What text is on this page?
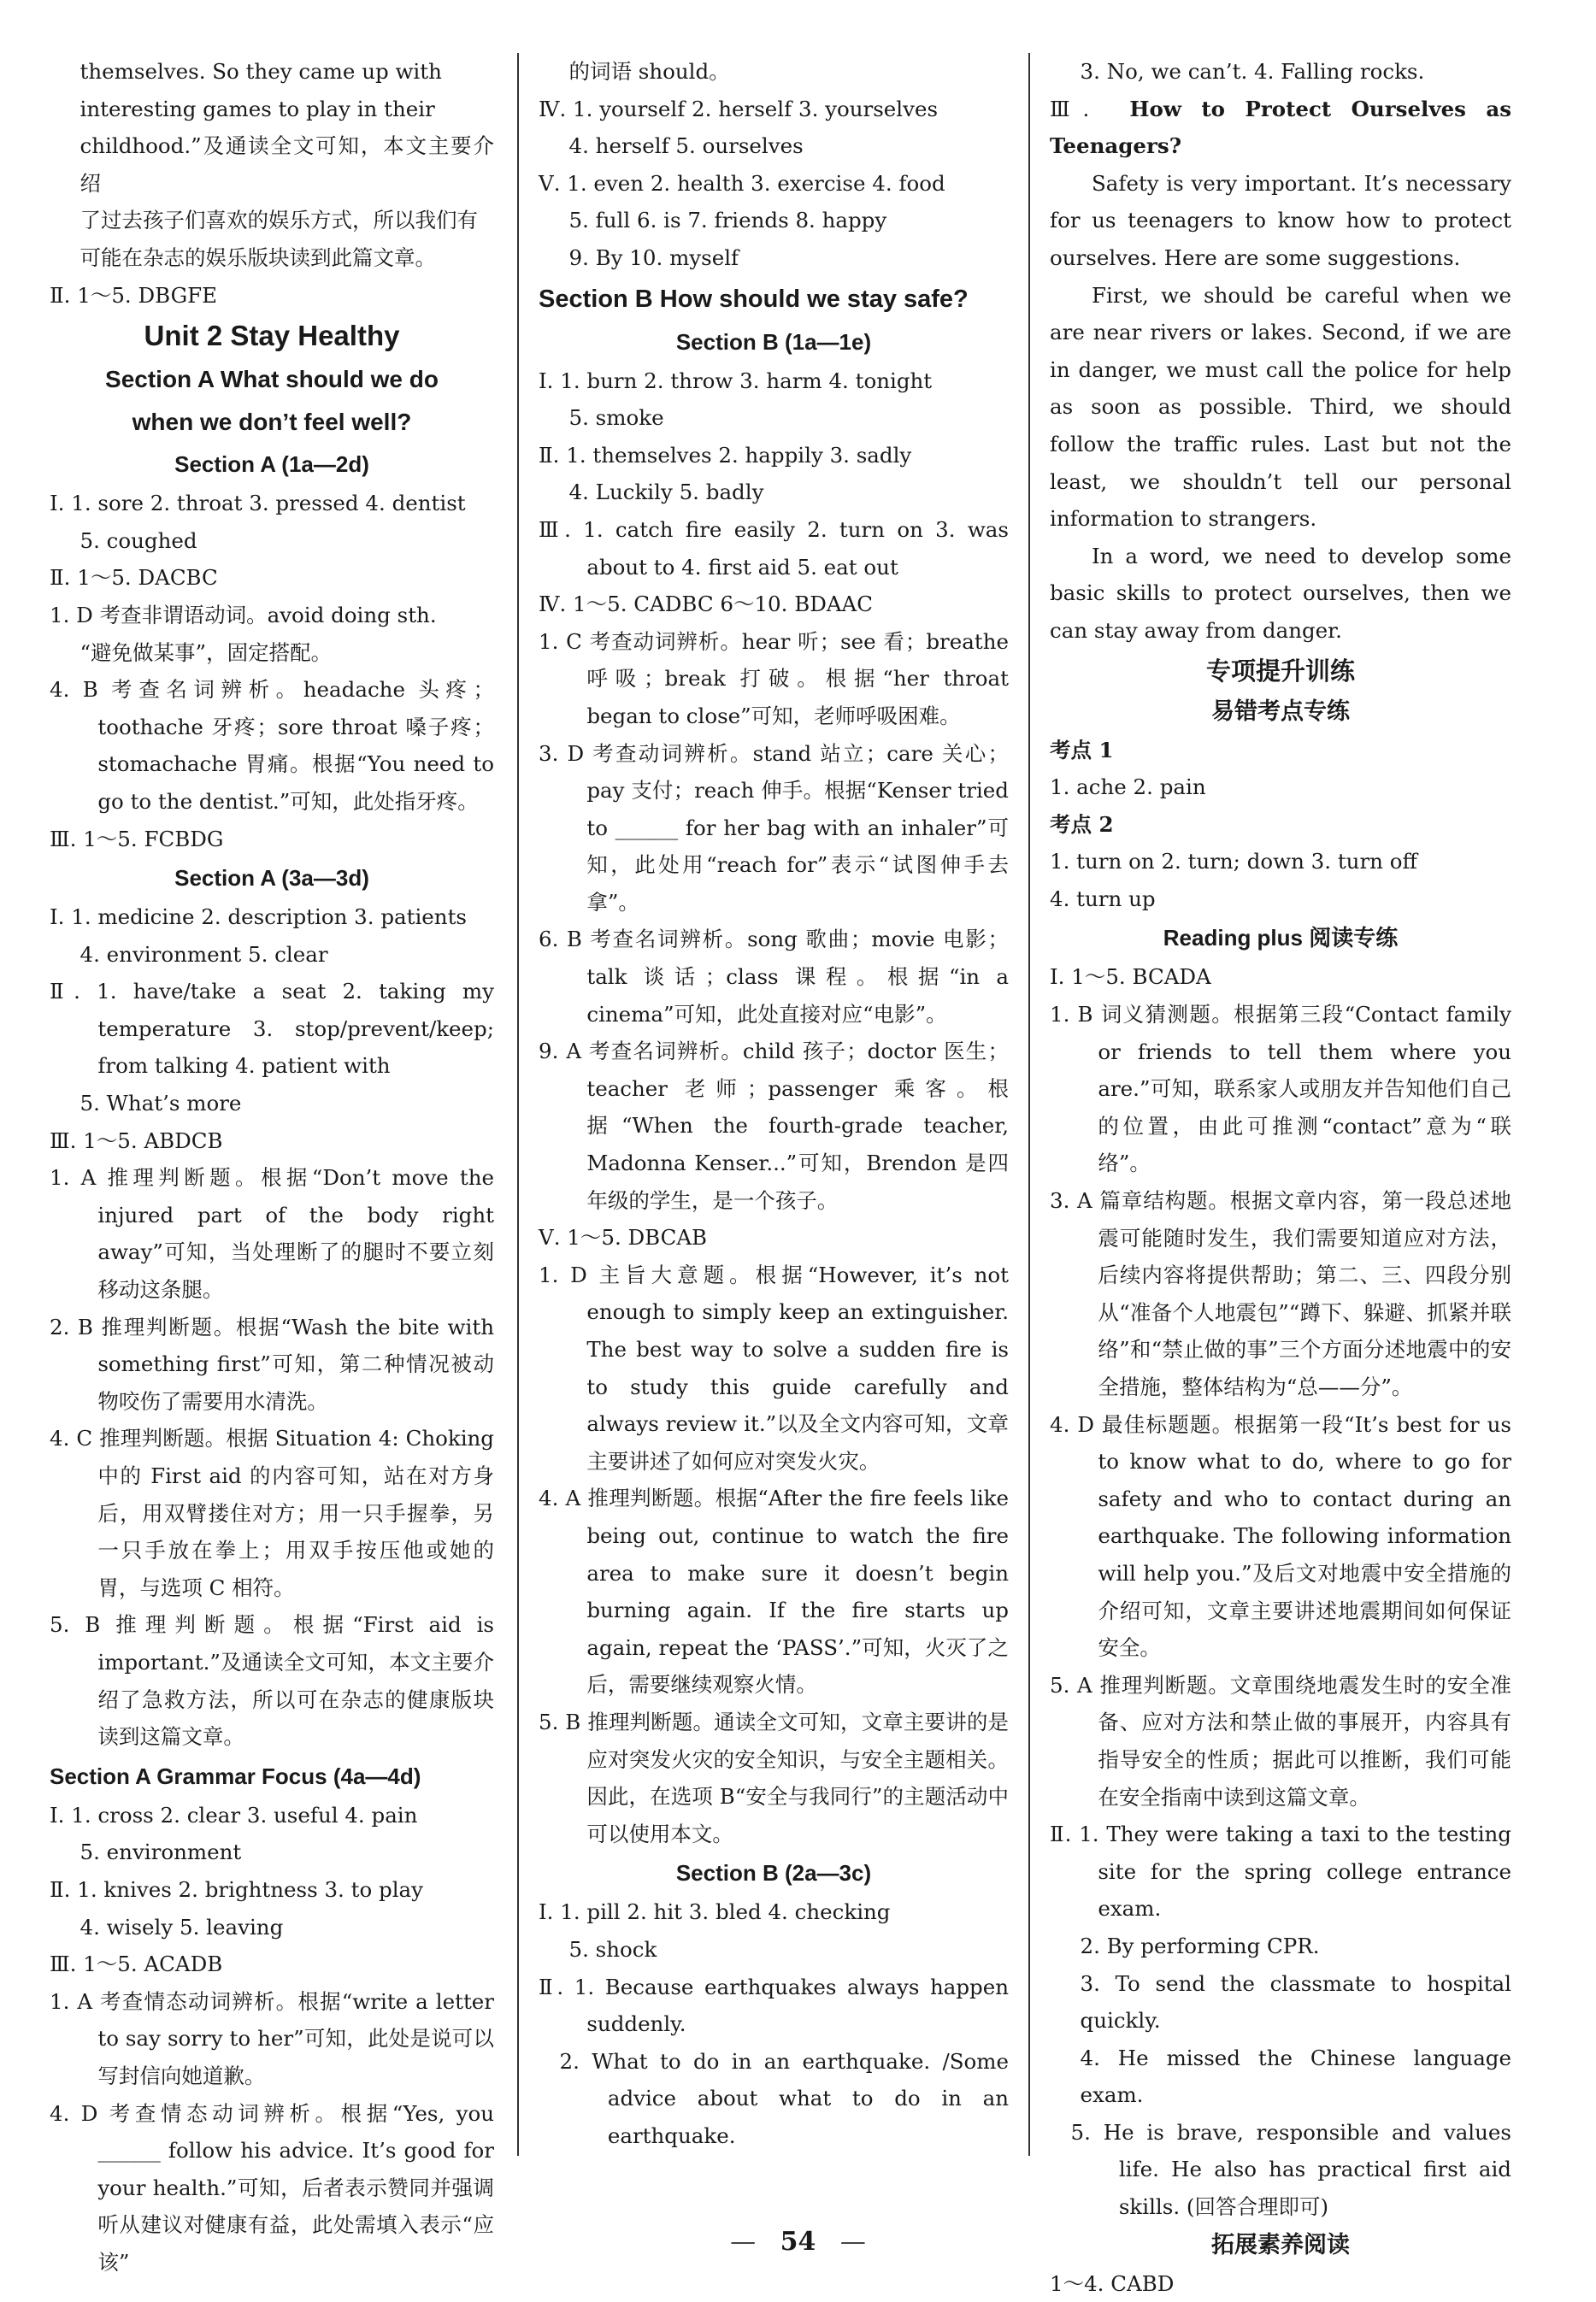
themselves. So they came up with

interesting games to play in their

childhood.”及通读全文可知，本文主要介绍

了过去孩子们喜欢的娱乐方式，所以我们有

可能在杂志的娱乐版块读到此篇文章。

Ⅱ. 1～5. DBGFE

Unit 2 Stay Healthy
Section A What should we do
when we don’t feel well?
Section A (1a—2d)

Ⅰ. 1. sore 2. throat 3. pressed 4. dentist

5. coughed

Ⅱ. 1～5. DACBC

1. D 考查非谓语动词。avoid doing sth.

“避免做某事”，固定搭配。

4. B 考查名词辨析。headache 头疼；toothache 牙疼；sore throat 嗓子疼；stomachache 胃痛。根据“You need to go to the dentist.”可知，此处指牙疼。

Ⅲ. 1～5. FCBDG

Section A (3a—3d)

Ⅰ. 1. medicine 2. description 3. patients

4. environment 5. clear

Ⅱ. 1. have/take a seat 2. taking my temperature 3. stop/prevent/keep; from talking 4. patient with

5. What’s more

Ⅲ. 1～5. ABDCB

1. A 推理判断题。根据“Don’t move the injured part of the body right away”可知，当处理断了的腿时不要立刻移动这条腿。

2. B 推理判断题。根据“Wash the bite with something first”可知，第二种情况被动物咬伤了需要用水清洗。

4. C 推理判断题。根据 Situation 4: Choking 中的 First aid 的内容可知，站在对方身后，用双臂搂住对方；用一只手握拳，另一只手放在拳上；用双手按压他或她的胃，与选项 C 相符。

5. B 推理判断题。根据“First aid is important.”及通读全文可知，本文主要介绍了急救方法，所以可在杂志的健康版块读到这篇文章。

Section A Grammar Focus (4a—4d)

Ⅰ. 1. cross 2. clear 3. useful 4. pain

5. environment

Ⅱ. 1. knives 2. brightness 3. to play

4. wisely 5. leaving

Ⅲ. 1～5. ACADB

1. A 考查情态动词辨析。根据“write a letter to say sorry to her”可知，此处是说可以写封信向她道歉。

4. D 考查情态动词辨析。根据“Yes, you ______ follow his advice. It’s good for your health.”可知，后者表示赞同并强调听从建议对健康有益，此处需填入表示“应该”

的词语 should。

Ⅳ. 1. yourself 2. herself 3. yourselves

4. herself 5. ourselves

Ⅴ. 1. even 2. health 3. exercise 4. food

5. full 6. is 7. friends 8. happy

9. By 10. myself

Section B How should we stay safe?
Section B (1a—1e)

Ⅰ. 1. burn 2. throw 3. harm 4. tonight

5. smoke

Ⅱ. 1. themselves 2. happily 3. sadly

4. Luckily 5. badly

Ⅲ. 1. catch fire easily 2. turn on 3. was about to 4. first aid 5. eat out

Ⅳ. 1～5. CADBC 6～10. BDAAC

1. C 考查动词辨析。hear 听；see 看；breathe 呼吸；break 打破。根据“her throat began to close”可知，老师呼吸困难。

3. D 考查动词辨析。stand 站立；care 关心；pay 支付；reach 伸手。根据“Kenser tried to ______ for her bag with an inhaler”可知，此处用“reach for”表示“试图伸手去拿”。

6. B 考查名词辨析。song 歌曲；movie 电影；talk 谈话；class 课程。根据“in a cinema”可知，此处直接对应“电影”。

9. A 考查名词辨析。child 孩子；doctor 医生；teacher 老师；passenger 乘客。根据“When the fourth-grade teacher, Madonna Kenser...”可知，Brendon 是四年级的学生，是一个孩子。

Ⅴ. 1～5. DBCAB

1. D 主旨大意题。根据“However, it’s not enough to simply keep an extinguisher. The best way to solve a sudden fire is to study this guide carefully and always review it.”以及全文内容可知，文章主要讲述了如何应对突发火灾。

4. A 推理判断题。根据“After the fire feels like being out, continue to watch the fire area to make sure it doesn’t begin burning again. If the fire starts up again, repeat the ‘PASS’.”可知，火灭了之后，需要继续观察火情。

5. B 推理判断题。通读全文可知，文章主要讲的是应对突发火灾的安全知识，与安全主题相关。因此，在选项 B“安全与我同行”的主题活动中可以使用本文。

Section B (2a—3c)

Ⅰ. 1. pill 2. hit 3. bled 4. checking

5. shock

Ⅱ. 1. Because earthquakes always happen suddenly.

2. What to do in an earthquake. /Some advice about what to do in an earthquake.

3. No, we can’t. 4. Falling rocks.

Ⅲ. How to Protect Ourselves as Teenagers?

Safety is very important. It’s necessary for us teenagers to know how to protect ourselves. Here are some suggestions.

First, we should be careful when we are near rivers or lakes. Second, if we are in danger, we must call the police for help as soon as possible. Third, we should follow the traffic rules. Last but not the least, we shouldn’t tell our personal information to strangers.

In a word, we need to develop some basic skills to protect ourselves, then we can stay away from danger.

专项提升训练
易错考点专练

考点 1

1. ache 2. pain

考点 2

1. turn on 2. turn; down 3. turn off

4. turn up

Reading plus 阅读专练

Ⅰ. 1～5. BCADA

1. B 词义猜测题。根据第三段“Contact family or friends to tell them where you are.”可知，联系家人或朋友并告知他们自己的位置，由此可推测“contact”意为“联络”。

3. A 篇章结构题。根据文章内容，第一段总述地震可能随时发生，我们需要知道应对方法，后续内容将提供帮助；第二、三、四段分别从“准备个人地震包”“蹲下、躲避、抓紧并联络”和“禁止做的事”三个方面分述地震中的安全措施，整体结构为“总——分”。

4. D 最佳标题题。根据第一段“It’s best for us to know what to do, where to go for safety and who to contact during an earthquake. The following information will help you.”及后文对地震中安全措施的介绍可知，文章主要讲述地震期间如何保证安全。

5. A 推理判断题。文章围绕地震发生时的安全准备、应对方法和禁止做的事展开，内容具有指导安全的性质；据此可以推断，我们可能在安全指南中读到这篇文章。

Ⅱ. 1. They were taking a taxi to the testing site for the spring college entrance exam.

2. By performing CPR.

3. To send the classmate to hospital quickly.

4. He missed the Chinese language exam.

5. He is brave, responsible and values life. He also has practical first aid skills. (回答合理即可)

拓展素养阅读

1～4. CABD

— 54 —
